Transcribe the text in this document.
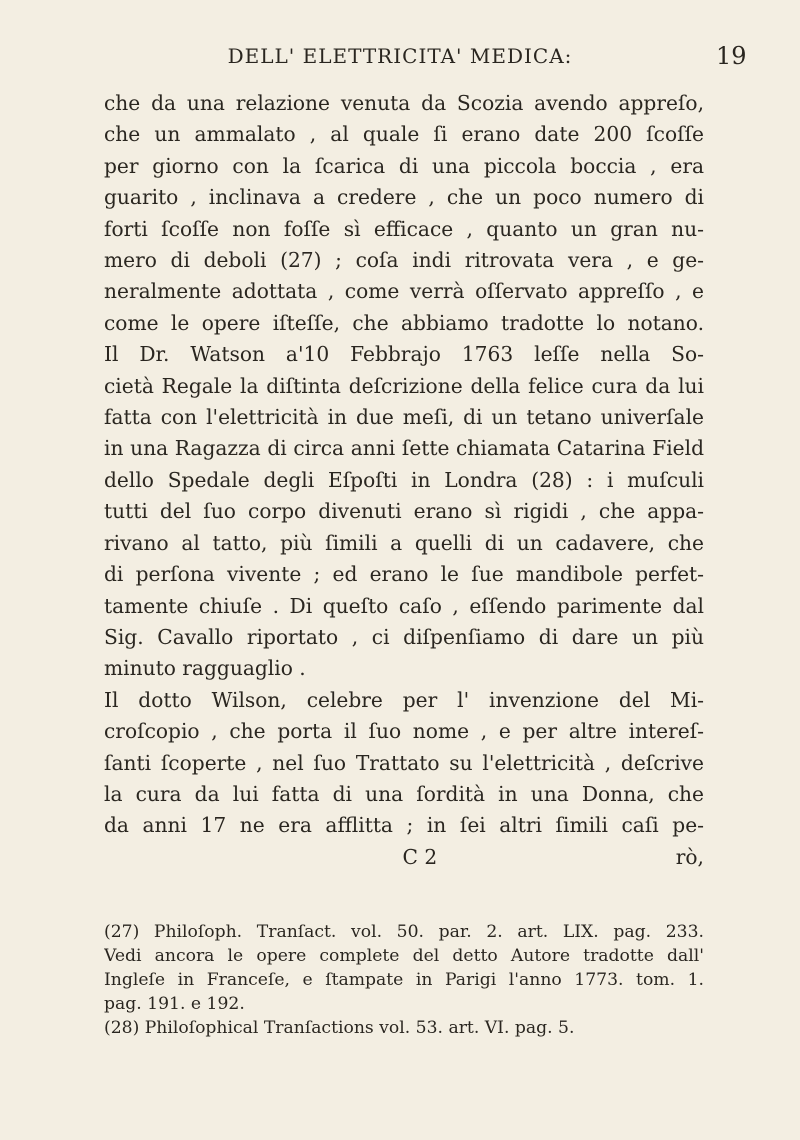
DELL' ELETTRICITA' MEDICA:	19
che da una relazione venuta da Scozia avendo appreſo,
che un ammalato , al quale ſi erano date 200 ſcoſſe
per giorno con la ſcarica di una piccola boccia , era
guarito , inclinava a credere , che un poco numero di
forti ſcoſſe non foſſe sì efficace , quanto un gran nu-
mero di deboli (27) ; coſa indi ritrovata vera , e ge-
neralmente adottata , come verrà oſſervato appreſſo , e
come le opere iſteſſe, che abbiamo tradotte lo notano.
Il Dr. Watson a'10 Febbrajo 1763 leſſe nella So-
cietà Regale la diſtinta deſcrizione della felice cura da lui
fatta con l'elettricità in due meſi, di un tetano univerſale
in una Ragazza di circa anni ſette chiamata Catarina Field
dello Spedale degli Eſpoſti in Londra (28) : i muſculi
tutti del ſuo corpo divenuti erano sì rigidi , che appa-
rivano al tatto, più ſimili a quelli di un cadavere, che
di perſona vivente ; ed erano le ſue mandibole perfet-
tamente chiuſe . Di queſto caſo , eſſendo parimente dal
Sig. Cavallo riportato , ci diſpenſiamo di dare un più
minuto ragguaglio .
Il dotto Wilson, celebre per l' invenzione del Mi-
croſcopio , che porta il ſuo nome , e per altre intereſ-
ſanti ſcoperte , nel ſuo Trattato su l'elettricità , deſcrive
la cura da lui fatta di una ſordità in una Donna, che
da anni 17 ne era afflitta ; in ſei altri ſimili caſi pe-
C 2	rò,
(27) Philoſoph. Tranſact. vol. 50. par. 2. art. LIX. pag. 233.
Vedi ancora le opere complete del detto Autore tradotte dall'
Ingleſe in Franceſe, e ſtampate in Parigi l'anno 1773. tom. 1.
pag. 191. e 192.
(28) Philoſophical Tranſactions vol. 53. art. VI. pag. 5.
